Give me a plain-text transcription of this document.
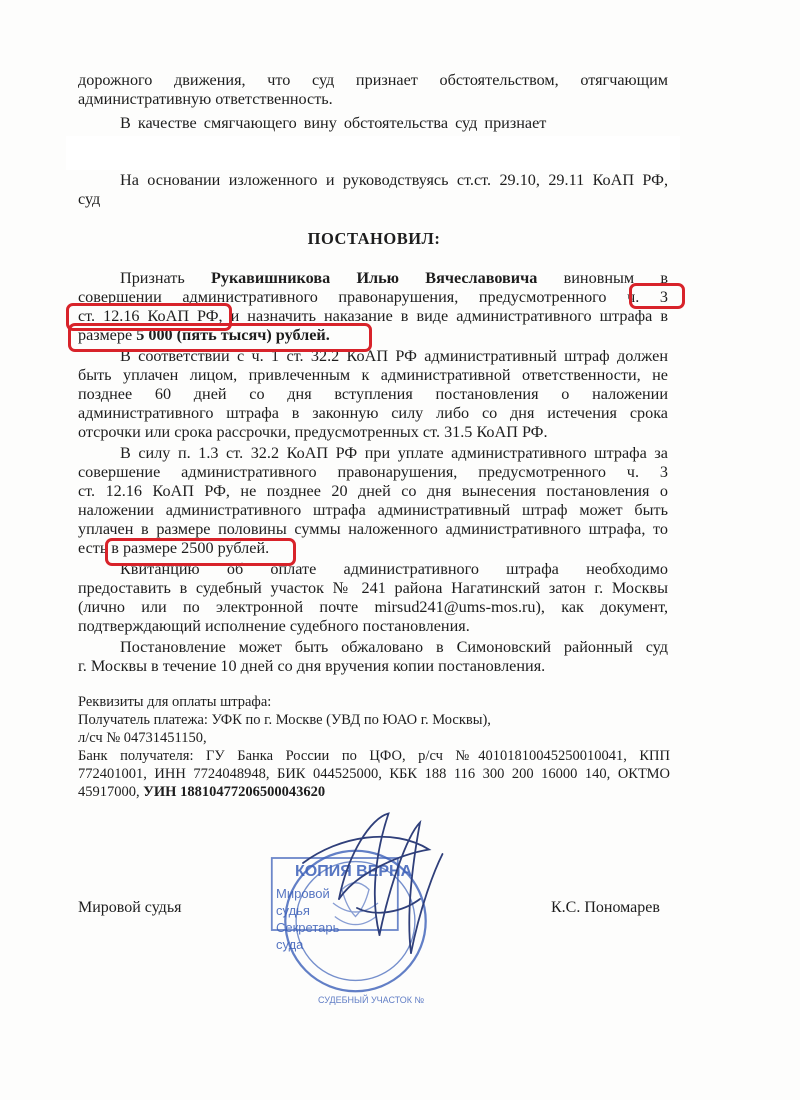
дорожного движения, что суд признает обстоятельством, отягчающим
административную ответственность.
В качестве смягчающего вину обстоятельства суд признает
На основании изложенного и руководствуясь ст.ст. 29.10, 29.11 КоАП РФ,
суд
ПОСТАНОВИЛ:
Признать Рукавишникова Илью Вячеславовича виновным в
совершении административного правонарушения, предусмотренного ч. 3
ст. 12.16 КоАП РФ, и назначить наказание в виде административного штрафа в
размере 5 000 (пять тысяч) рублей.
В соответствии с ч. 1 ст. 32.2 КоАП РФ административный штраф должен
быть уплачен лицом, привлеченным к административной ответственности, не
позднее 60 дней со дня вступления постановления о наложении
административного штрафа в законную силу либо со дня истечения срока
отсрочки или срока рассрочки, предусмотренных ст. 31.5 КоАП РФ.
В силу п. 1.3 ст. 32.2 КоАП РФ при уплате административного штрафа за
совершение административного правонарушения, предусмотренного ч. 3
ст. 12.16 КоАП РФ, не позднее 20 дней со дня вынесения постановления о
наложении административного штрафа административный штраф может быть
уплачен в размере половины суммы наложенного административного штрафа, то
есть в размере 2500 рублей.
Квитанцию об оплате административного штрафа необходимо
предоставить в судебный участок № 241 района Нагатинский затон г. Москвы
(лично или по электронной почте mirsud241@ums-mos.ru), как документ,
подтверждающий исполнение судебного постановления.
Постановление может быть обжаловано в Симоновский районный суд
г. Москвы в течение 10 дней со дня вручения копии постановления.
Реквизиты для оплаты штрафа:
Получатель платежа: УФК по г. Москве (УВД по ЮАО г. Москвы),
л/сч № 04731451150,
Банк получателя: ГУ Банка России по ЦФО, р/сч №40101810045250010041, КПП
772401001, ИНН 7724048948, БИК 044525000, КБК 188 116 300 200 16000 140, ОКТМО
45917000, УИН 18810477206500043620
КОПИЯ ВЕРНА
Мировой
судья
Секретарь
суда
СУДЕБНЫЙ УЧАСТОК №
Мировой судья	К.С. Пономарев
